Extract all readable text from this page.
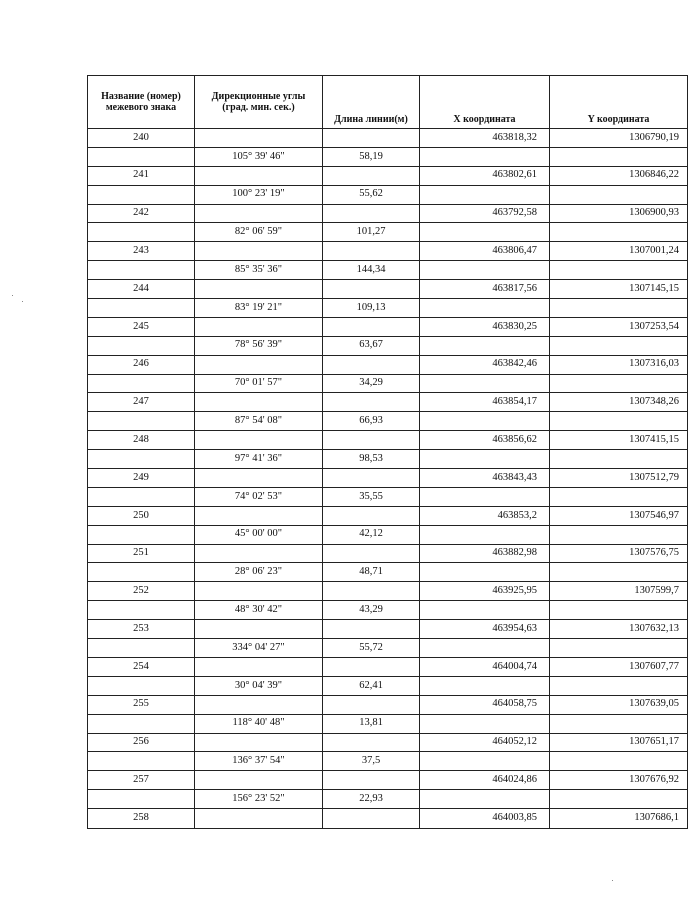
Название (номер) межевого знака	Дирекционные углы (град. мин. сек.)	Длина линии(м)	X координата	Y координата
240			463818,32	1306790,19
	105° 39' 46"	58,19		
241			463802,61	1306846,22
	100° 23' 19"	55,62		
242			463792,58	1306900,93
	82° 06' 59"	101,27		
243			463806,47	1307001,24
	85° 35' 36"	144,34		
244			463817,56	1307145,15
	83° 19' 21"	109,13		
245			463830,25	1307253,54
	78° 56' 39"	63,67		
246			463842,46	1307316,03
	70° 01' 57"	34,29		
247			463854,17	1307348,26
	87° 54' 08"	66,93		
248			463856,62	1307415,15
	97° 41' 36"	98,53		
249			463843,43	1307512,79
	74° 02' 53"	35,55		
250			463853,2	1307546,97
	45° 00' 00"	42,12		
251			463882,98	1307576,75
	28° 06' 23"	48,71		
252			463925,95	1307599,7
	48° 30' 42"	43,29		
253			463954,63	1307632,13
	334° 04' 27"	55,72		
254			464004,74	1307607,77
	30° 04' 39"	62,41		
255			464058,75	1307639,05
	118° 40' 48"	13,81		
256			464052,12	1307651,17
	136° 37' 54"	37,5		
257			464024,86	1307676,92
	156° 23' 52"	22,93		
258			464003,85	1307686,1
